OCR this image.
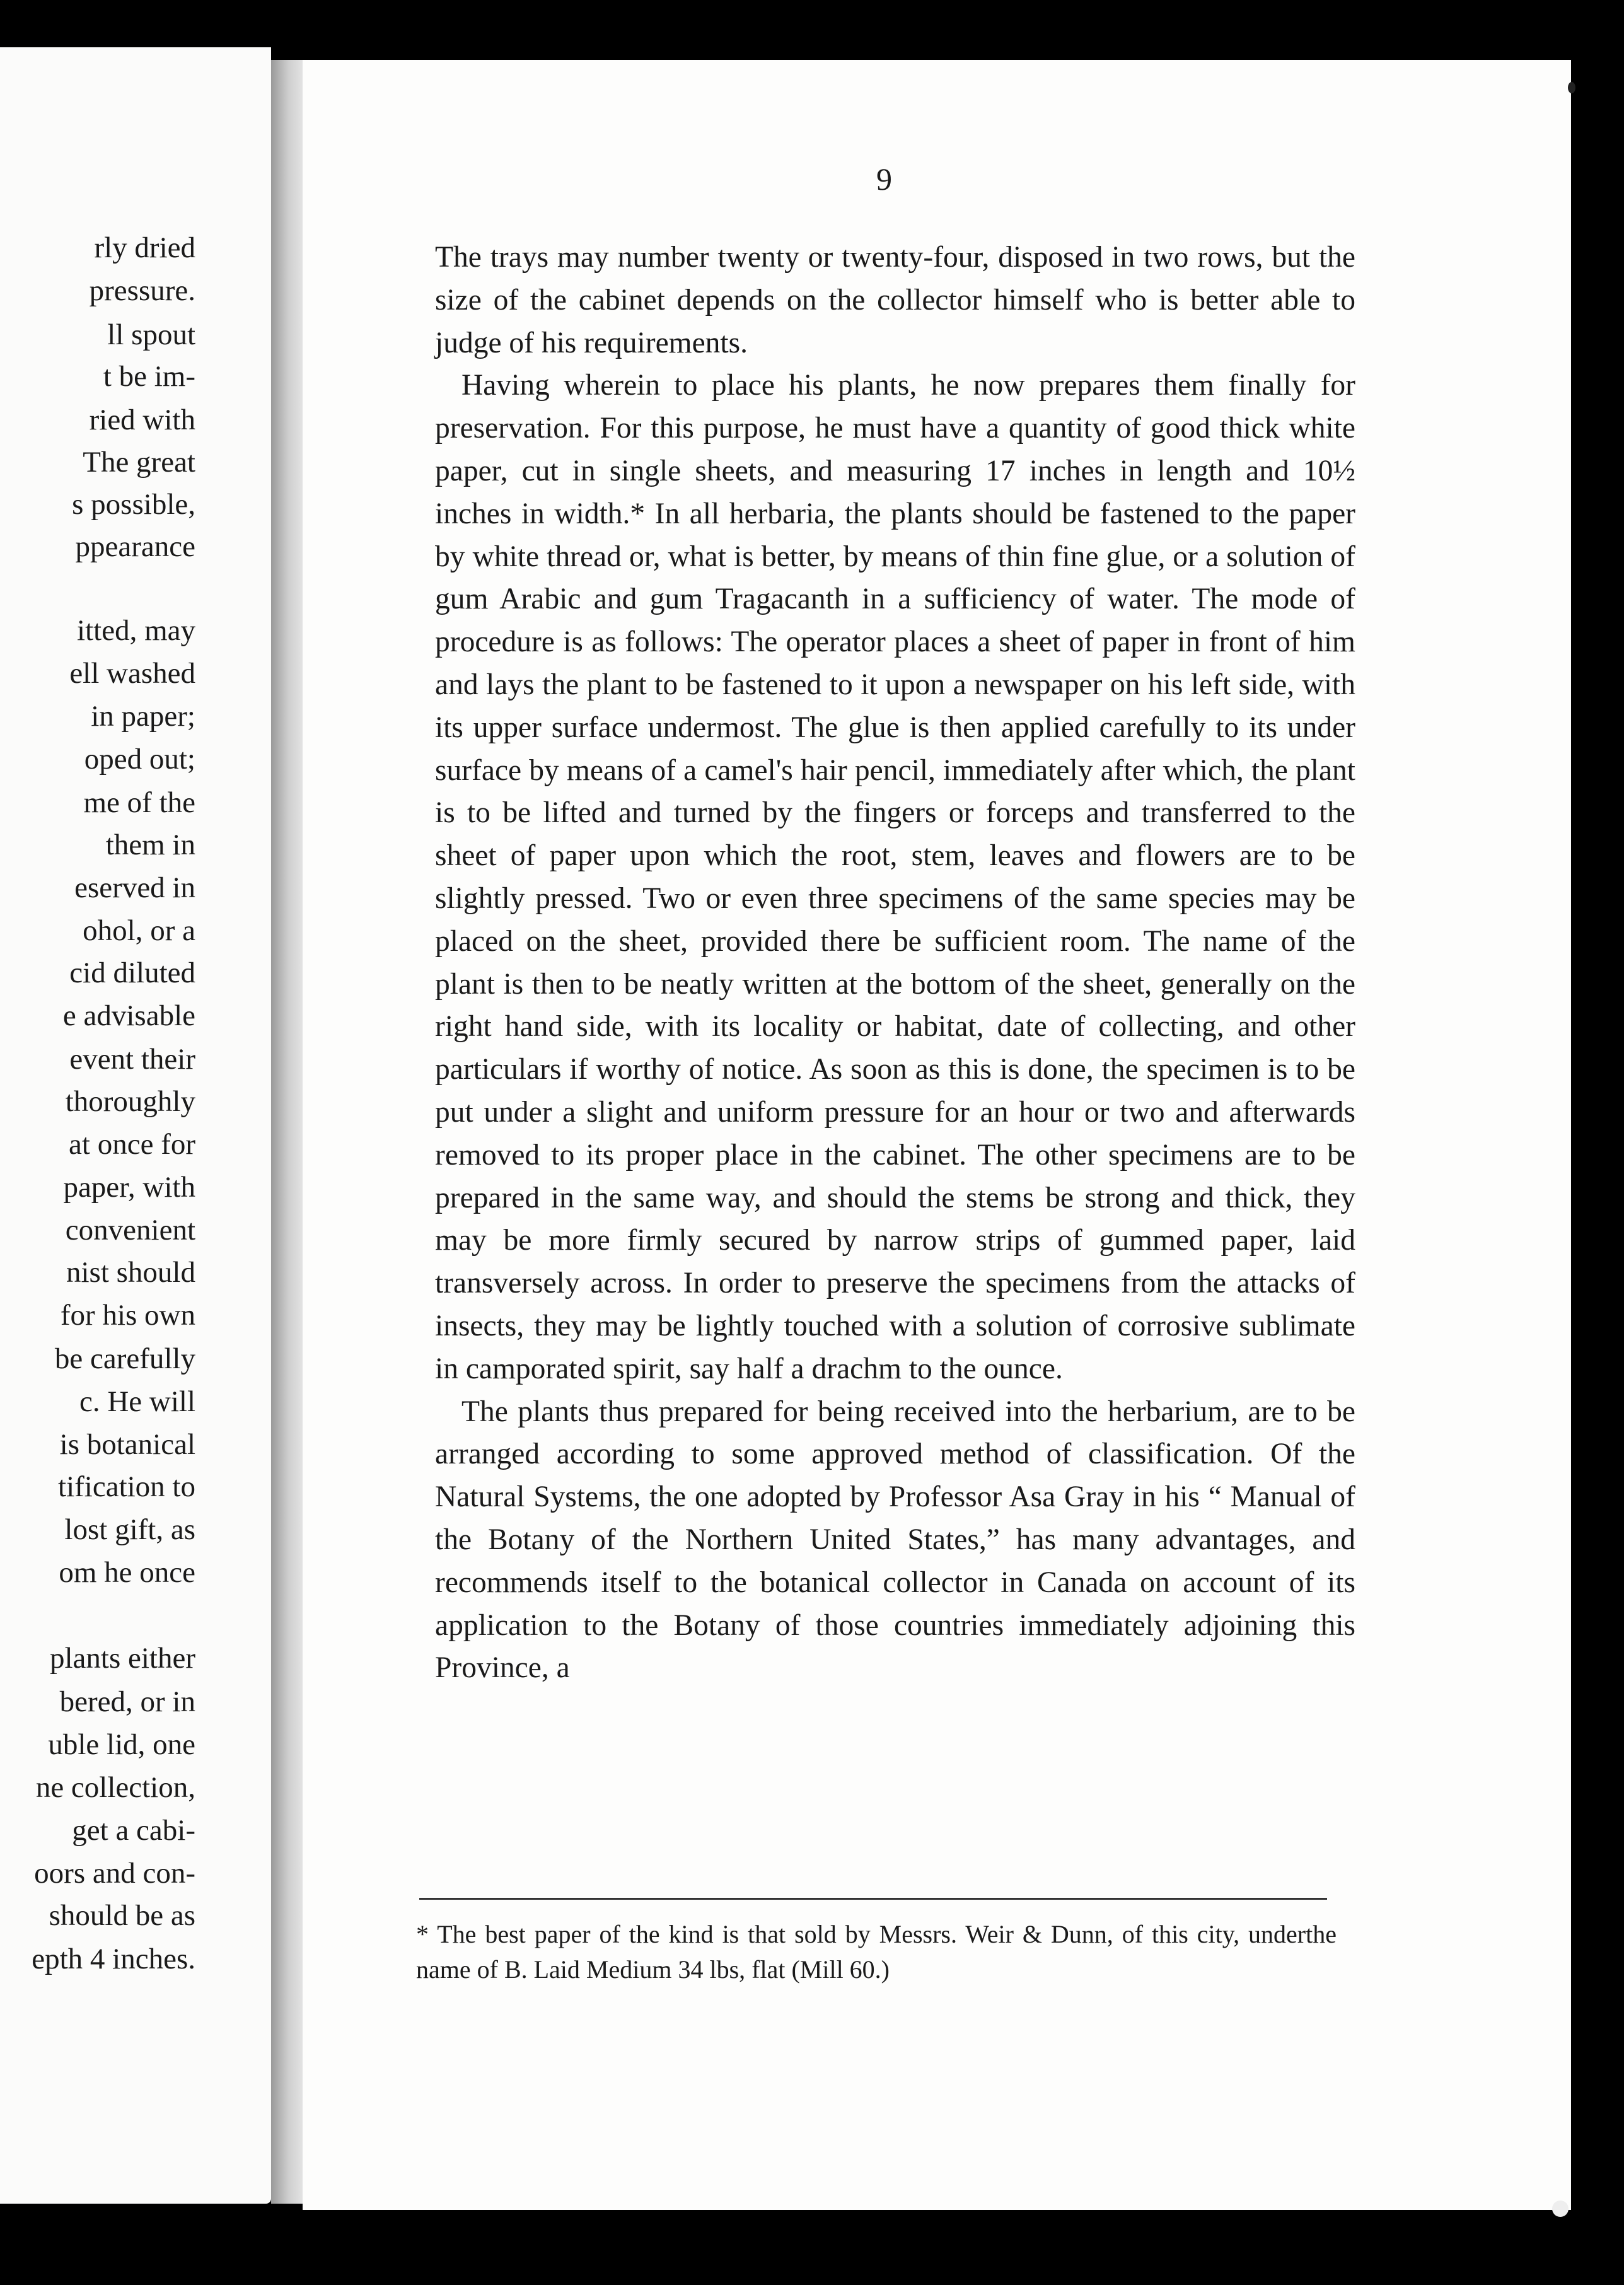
rly dried
pressure.
ll spout
t be im-
ried with
The great
s possible,
ppearance
itted, may
ell washed
in paper;
oped out;
me of the
them in
eserved in
ohol, or a
cid diluted
e advisable
event their
thoroughly
at once for
paper, with
convenient
nist should
for his own
be carefully
c. He will
is botanical
tification to
lost gift, as
om he once
plants either
bered, or in
uble lid, one
ne collection,
get a cabi-
oors and con-
should be as
epth 4 inches.
9

The trays may number twenty or twenty-four, disposed in two rows, but the size of the cabinet depends on the collector himself who is better able to judge of his requirements.

Having wherein to place his plants, he now prepares them finally for preservation. For this purpose, he must have a quantity of good thick white paper, cut in single sheets, and measuring 17 inches in length and 10½ inches in width.* In all herbaria, the plants should be fastened to the paper by white thread or, what is better, by means of thin fine glue, or a solution of gum Arabic and gum Tragacanth in a sufficiency of water. The mode of procedure is as follows: The operator places a sheet of paper in front of him and lays the plant to be fastened to it upon a newspaper on his left side, with its upper surface undermost. The glue is then applied carefully to its under surface by means of a camel's hair pencil, immediately after which, the plant is to be lifted and turned by the fingers or forceps and transferred to the sheet of paper upon which the root, stem, leaves and flowers are to be slightly pressed. Two or even three specimens of the same species may be placed on the sheet, provided there be sufficient room. The name of the plant is then to be neatly written at the bottom of the sheet, generally on the right hand side, with its locality or habitat, date of collecting, and other particulars if worthy of notice. As soon as this is done, the specimen is to be put under a slight and uniform pressure for an hour or two and afterwards removed to its proper place in the cabinet. The other specimens are to be prepared in the same way, and should the stems be strong and thick, they may be more firmly secured by narrow strips of gummed paper, laid transversely across. In order to preserve the specimens from the attacks of insects, they may be lightly touched with a solution of corrosive sublimate in camporated spirit, say half a drachm to the ounce.

The plants thus prepared for being received into the herbarium, are to be arranged according to some approved method of classification. Of the Natural Systems, the one adopted by Professor Asa Gray in his “ Manual of the Botany of the Northern United States,” has many advantages, and recommends itself to the botanical collector in Canada on account of its application to the Botany of those countries immediately adjoining this Province, a

* The best paper of the kind is that sold by Messrs. Weir & Dunn, of this city, underthe name of B. Laid Medium 34 lbs, flat (Mill 60.)
